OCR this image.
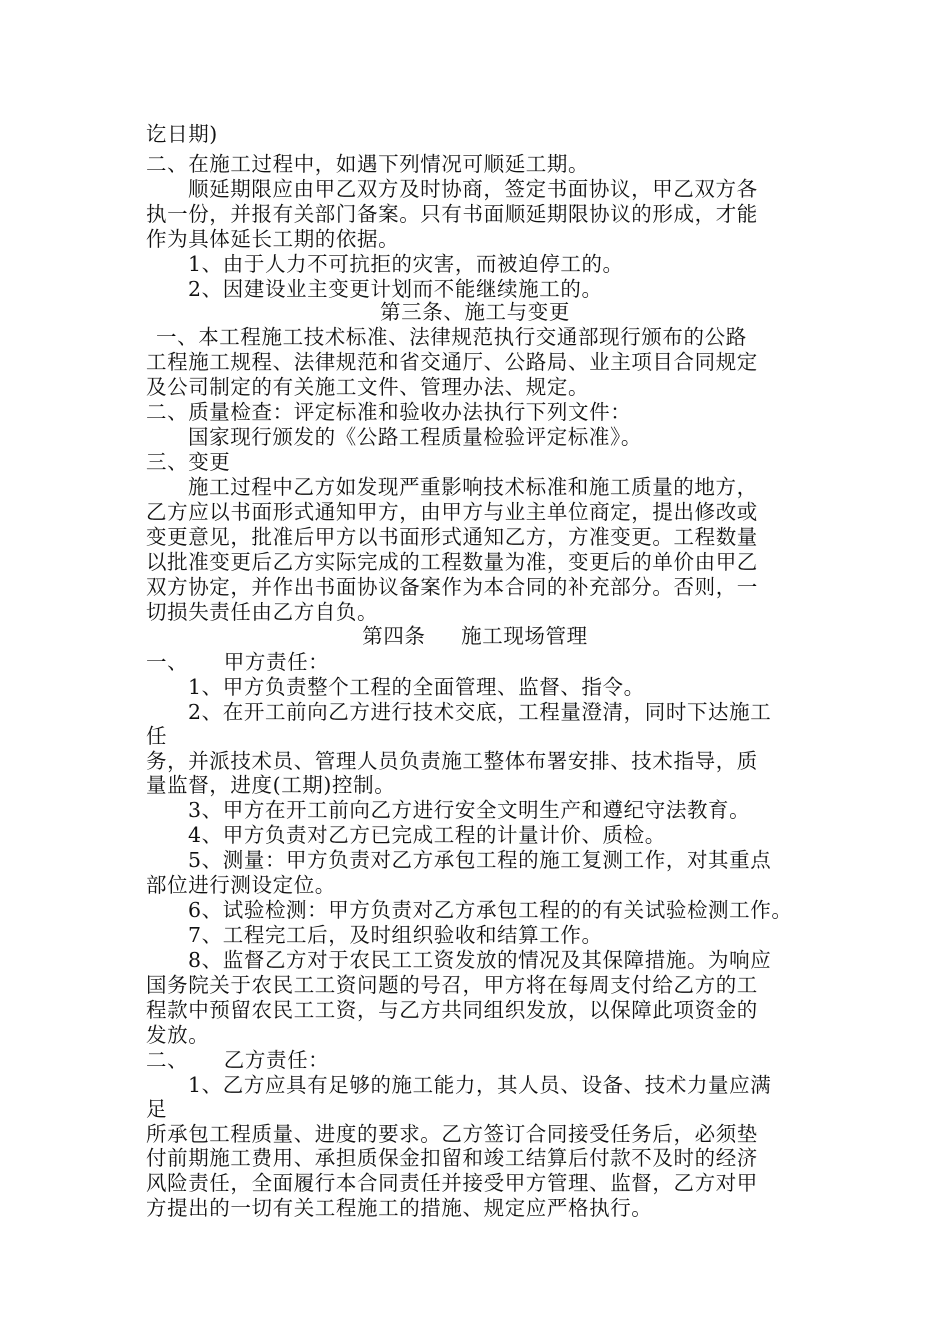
讫日期)
二、在施工过程中，如遇下列情况可顺延工期。
顺延期限应由甲乙双方及时协商，签定书面协议，甲乙双方各
执一份，并报有关部门备案。只有书面顺延期限协议的形成，才能
作为具体延长工期的依据。
1、由于人力不可抗拒的灾害，而被迫停工的。
2、因建设业主变更计划而不能继续施工的。
第三条、施工与变更
一、本工程施工技术标准、法律规范执行交通部现行颁布的公路
工程施工规程、法律规范和省交通厅、公路局、业主项目合同规定
及公司制定的有关施工文件、管理办法、规定。
二、质量检查：评定标准和验收办法执行下列文件：
国家现行颁发的《公路工程质量检验评定标准》。
三、变更
施工过程中乙方如发现严重影响技术标准和施工质量的地方，
乙方应以书面形式通知甲方，由甲方与业主单位商定，提出修改或
变更意见，批准后甲方以书面形式通知乙方，方准变更。工程数量
以批准变更后乙方实际完成的工程数量为准，变更后的单价由甲乙
双方协定，并作出书面协议备案作为本合同的补充部分。否则，一
切损失责任由乙方自负。
第四条     施工现场管理
一、     甲方责任：
1、甲方负责整个工程的全面管理、监督、指令。
2、在开工前向乙方进行技术交底，工程量澄清，同时下达施工
任
务，并派技术员、管理人员负责施工整体布署安排、技术指导，质
量监督，进度(工期)控制。
3、甲方在开工前向乙方进行安全文明生产和遵纪守法教育。
4、甲方负责对乙方已完成工程的计量计价、质检。
5、测量：甲方负责对乙方承包工程的施工复测工作，对其重点
部位进行测设定位。
6、试验检测：甲方负责对乙方承包工程的的有关试验检测工作。
7、工程完工后，及时组织验收和结算工作。
8、监督乙方对于农民工工资发放的情况及其保障措施。为响应
国务院关于农民工工资问题的号召，甲方将在每周支付给乙方的工
程款中预留农民工工资，与乙方共同组织发放，以保障此项资金的
发放。
二、     乙方责任：
1、乙方应具有足够的施工能力，其人员、设备、技术力量应满
足
所承包工程质量、进度的要求。乙方签订合同接受任务后，必须垫
付前期施工费用、承担质保金扣留和竣工结算后付款不及时的经济
风险责任，全面履行本合同责任并接受甲方管理、监督，乙方对甲
方提出的一切有关工程施工的措施、规定应严格执行。
